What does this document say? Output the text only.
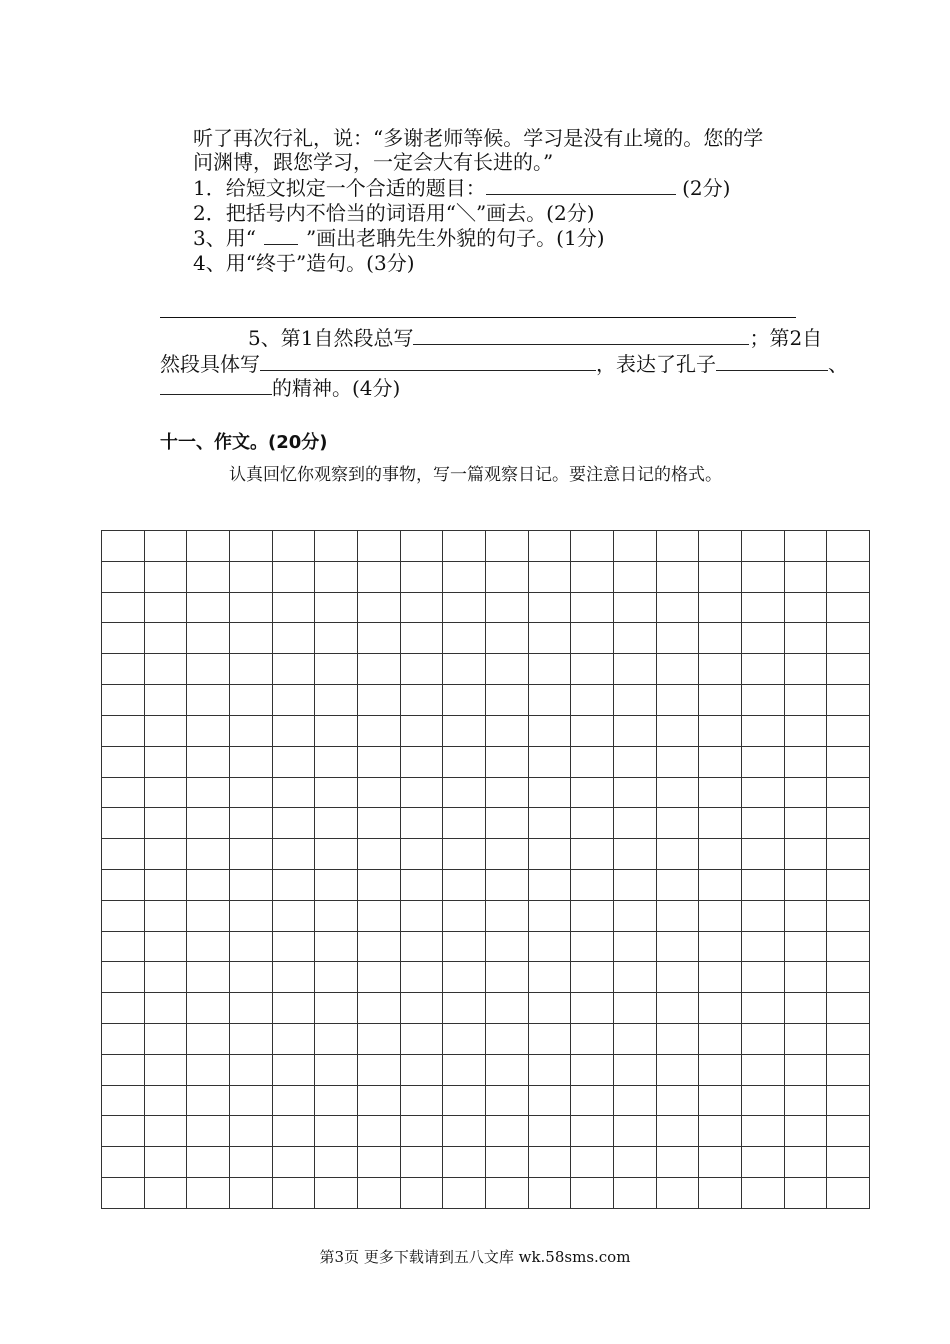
听了再次行礼，说：“多谢老师等候。学习是没有止境的。您的学
问渊博，跟您学习，一定会大有长进的。”
1．给短文拟定一个合适的题目：	(2分)
2．把括号内不恰当的词语用“＼”画去。(2分)
3、用“	”画出老聃先生外貌的句子。(1分)
4、用“终于”造句。(3分)
5、第1自然段总写	；第2自
然段具体写	，表达了孔子	、
的精神。(4分)
十一、作文。(20分)
认真回忆你观察到的事物，写一篇观察日记。要注意日记的格式。

第3页 更多下载请到五八文库 wk.58sms.com
